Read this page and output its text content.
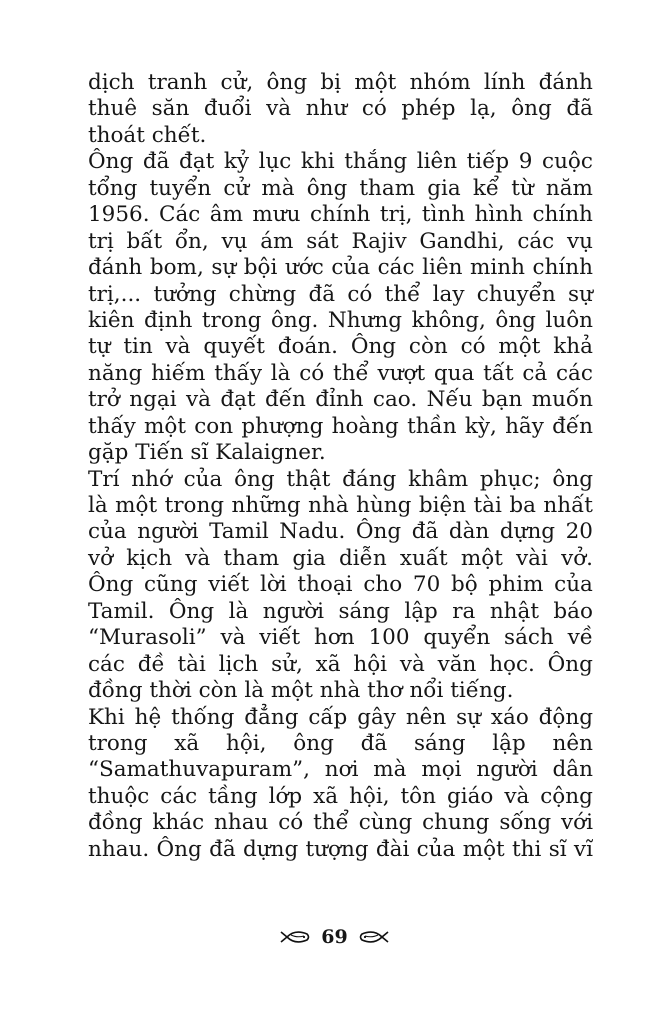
dịch tranh cử, ông bị một nhóm lính đánh
thuê săn đuổi và như có phép lạ, ông đã
thoát chết.
Ông đã đạt kỷ lục khi thắng liên tiếp 9 cuộc
tổng tuyển cử mà ông tham gia kể từ năm
1956. Các âm mưu chính trị, tình hình chính
trị bất ổn, vụ ám sát Rajiv Gandhi, các vụ
đánh bom, sự bội ước của các liên minh chính
trị,... tưởng chừng đã có thể lay chuyển sự
kiên định trong ông. Nhưng không, ông luôn
tự tin và quyết đoán. Ông còn có một khả
năng hiếm thấy là có thể vượt qua tất cả các
trở ngại và đạt đến đỉnh cao. Nếu bạn muốn
thấy một con phượng hoàng thần kỳ, hãy đến
gặp Tiến sĩ Kalaigner.
Trí nhớ của ông thật đáng khâm phục; ông
là một trong những nhà hùng biện tài ba nhất
của người Tamil Nadu. Ông đã dàn dựng 20
vở kịch và tham gia diễn xuất một vài vở.
Ông cũng viết lời thoại cho 70 bộ phim của
Tamil. Ông là người sáng lập ra nhật báo
“Murasoli” và viết hơn 100 quyển sách về
các đề tài lịch sử, xã hội và văn học. Ông
đồng thời còn là một nhà thơ nổi tiếng.
Khi hệ thống đẳng cấp gây nên sự xáo động
trong xã hội, ông đã sáng lập nên
“Samathuvapuram”, nơi mà mọi người dân
thuộc các tầng lớp xã hội, tôn giáo và cộng
đồng khác nhau có thể cùng chung sống với
nhau. Ông đã dựng tượng đài của một thi sĩ vĩ
69
